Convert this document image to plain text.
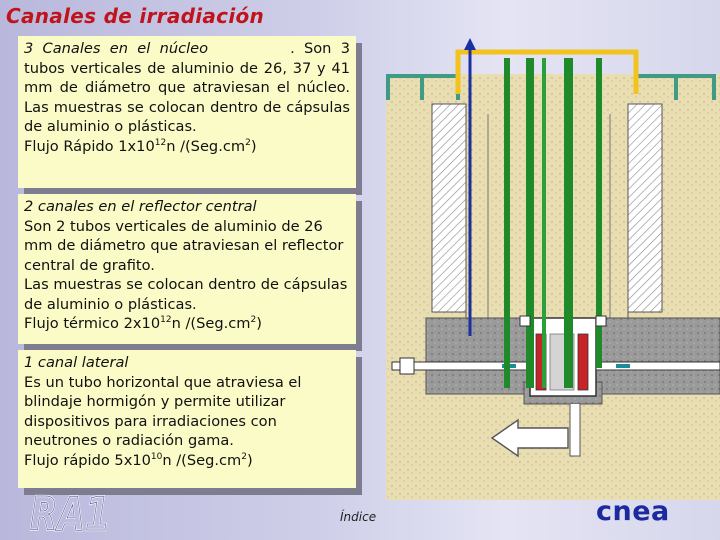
Canales de irradiación

3 Canales en el núcleo	. Son 3 tubos verticales de aluminio de 26, 37 y 41 mm de diámetro que atraviesan el núcleo. Las muestras se colocan dentro de cápsulas de aluminio o plásticas.

Flujo Rápido $1x10^{12}n$ $/(Seg.cm^2)$

2 canales en el reflector central

Son 2 tubos verticales de aluminio de 26 mm de diámetro que atraviesan el reflector central de grafito.

Las muestras se colocan dentro de cápsulas de aluminio o plásticas.

Flujo térmico $2x10^{12}n$ $/(Seg.cm^2)$

1 canal lateral

Es un tubo horizontal que atraviesa el blindaje hormigón y permite utilizar dispositivos para irradiaciones con neutrones o radiación gama.

Flujo rápido $5x10^{10}n$ $/(Seg.cm^2)$

RA1
RA1	Índice	cnea
